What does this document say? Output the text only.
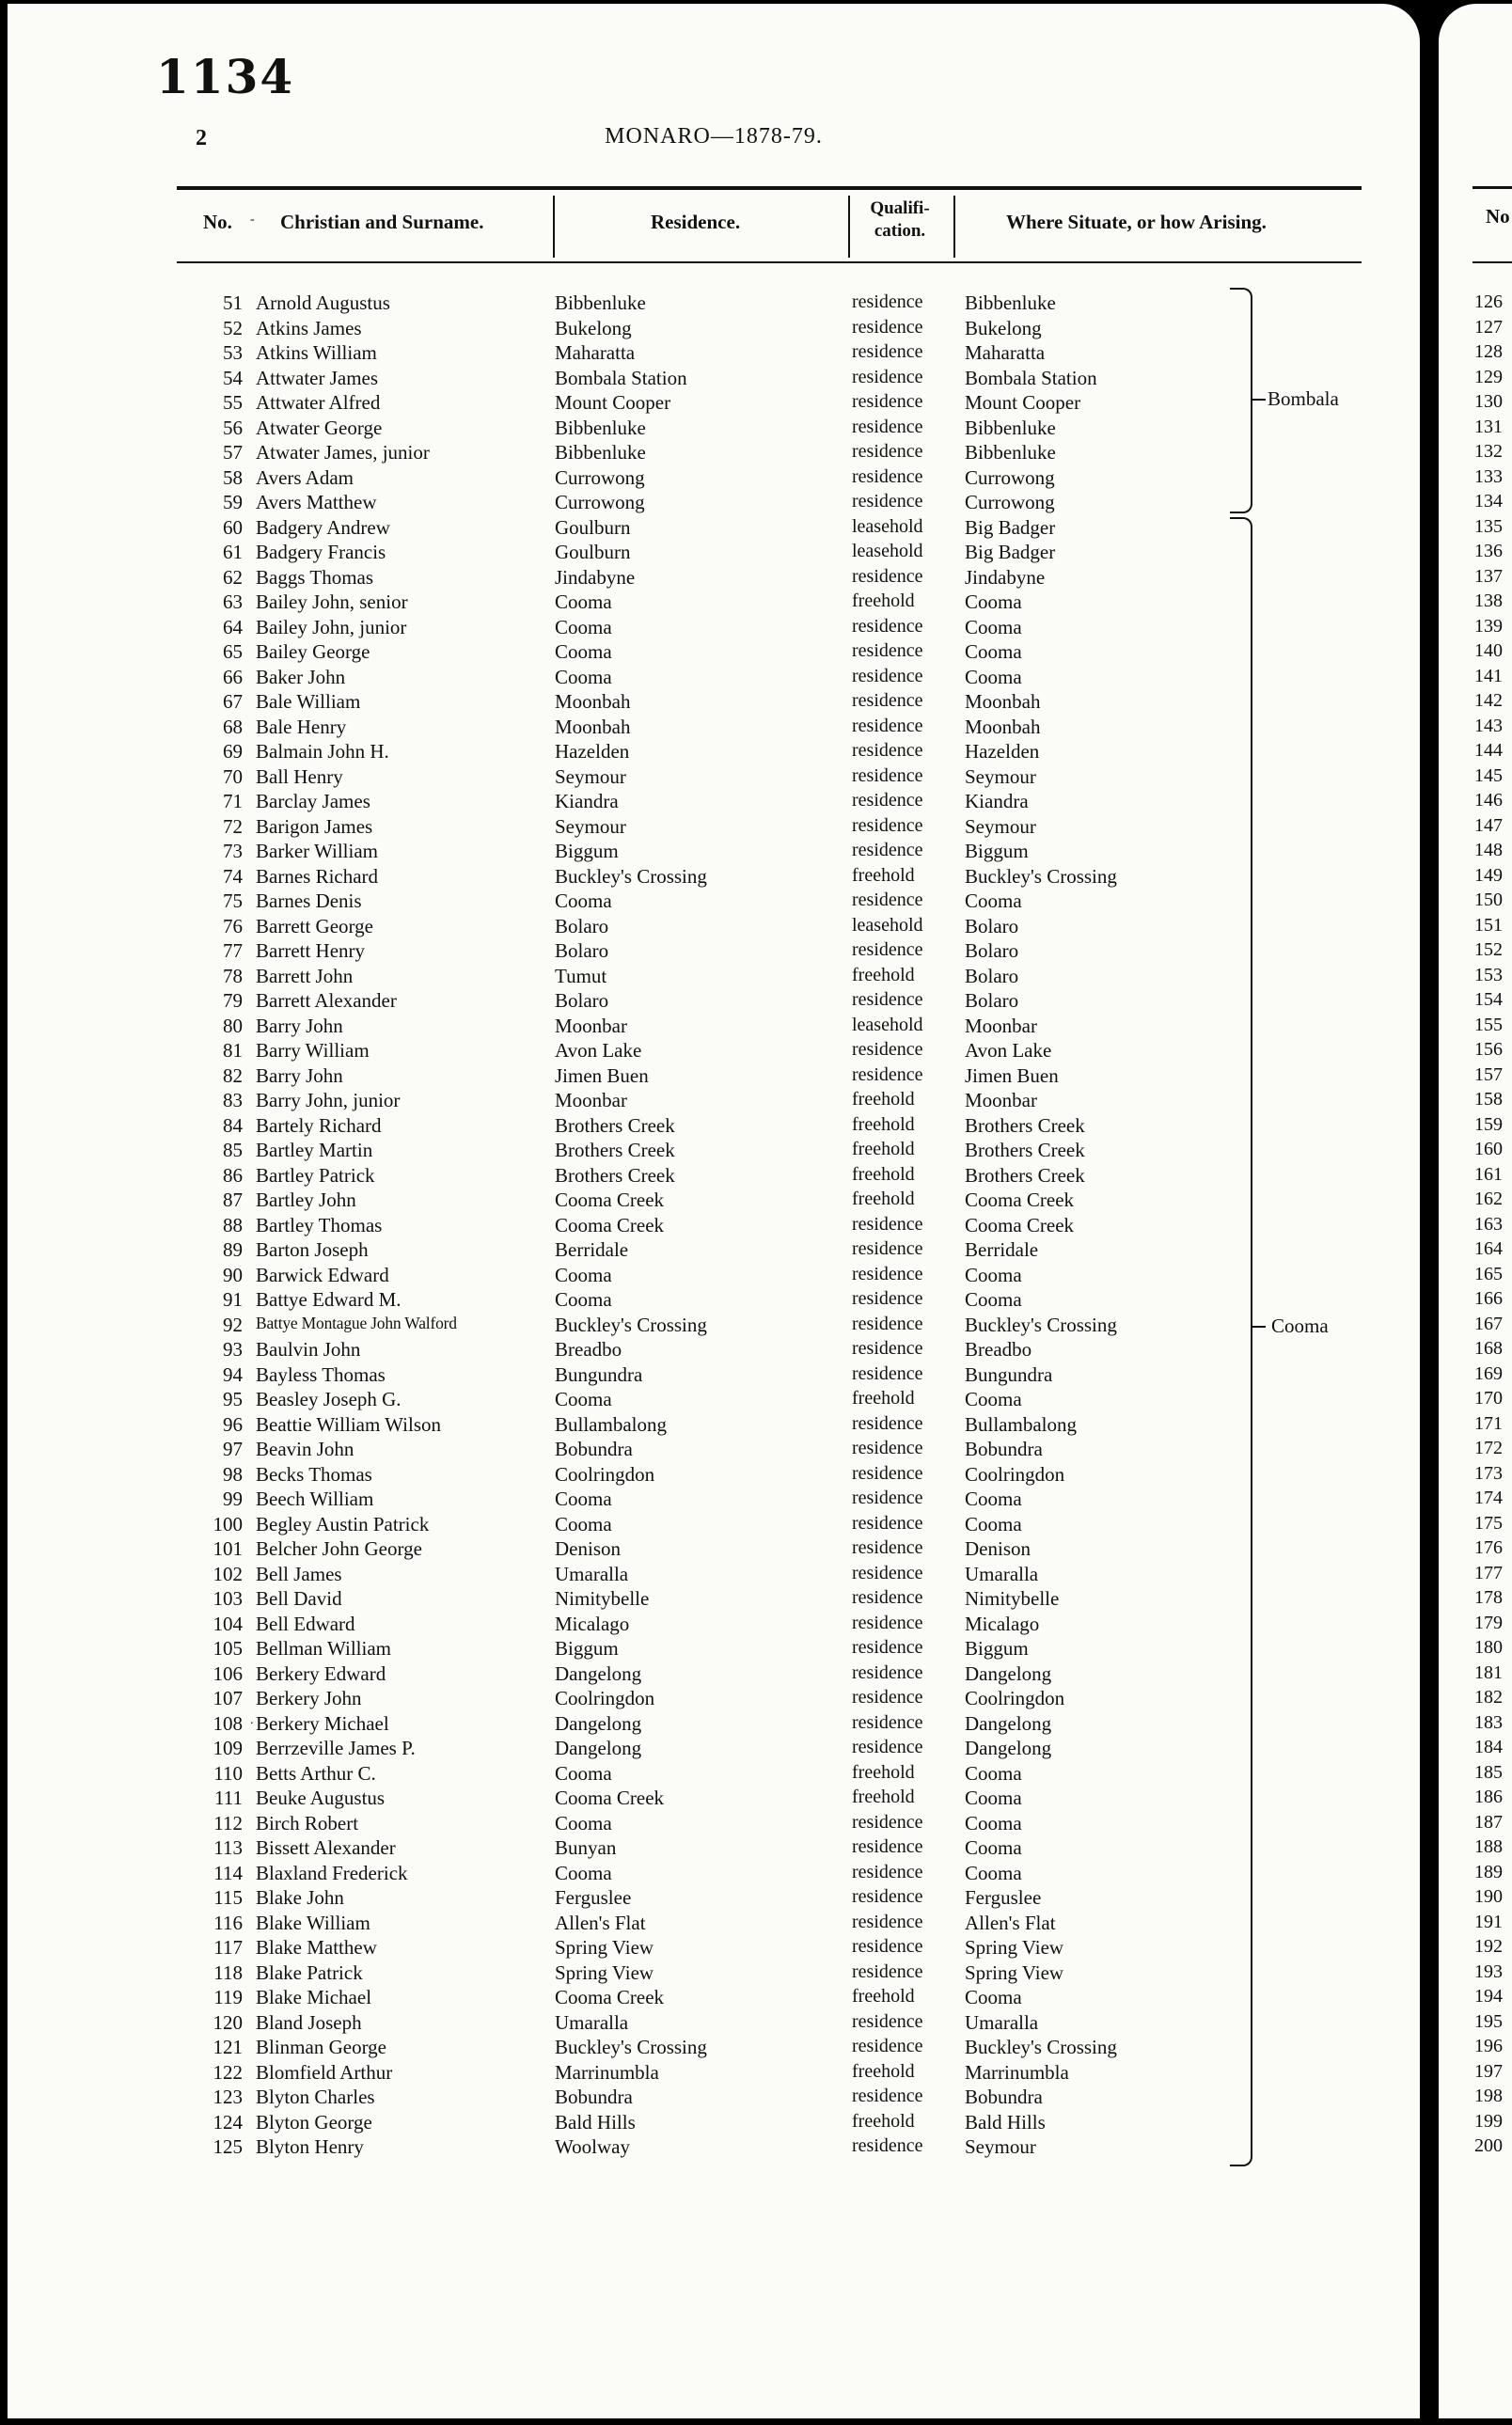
1134
2	MONARO—1878-79.
No. - Christian and Surname.	Residence.
Qualifi-
cation.	Where Situate, or how Arising.
51 Arnold Augustus	Bibbenluke	residence Bibbenluke
52 Atkins James	Bukelong	residence Bukelong
53 Atkins William	Maharatta	residence Maharatta
54 Attwater James	Bombala Station	residence Bombala Station
55 Attwater Alfred	Mount Cooper	residence Mount Cooper
56 Atwater George	Bibbenluke	residence Bibbenluke
57 Atwater James, junior	Bibbenluke	residence Bibbenluke
58 Avers Adam	Currowong	residence Currowong
59 Avers Matthew	Currowong	residence Currowong
60 Badgery Andrew	Goulburn	leasehold Big Badger
61 Badgery Francis	Goulburn	leasehold Big Badger
62 Baggs Thomas	Jindabyne	residence Jindabyne
63 Bailey John, senior	Cooma	freehold	Cooma
64 Bailey John, junior	Cooma	residence Cooma
65 Bailey George	Cooma	residence Cooma
66 Baker John	Cooma	residence Cooma
67 Bale William	Moonbah	residence Moonbah
68 Bale Henry	Moonbah	residence Moonbah
69 Balmain John H.	Hazelden	residence Hazelden
70 Ball Henry	Seymour	residence Seymour
71 Barclay James	Kiandra	residence Kiandra
72 Barigon James	Seymour	residence Seymour
73 Barker William	Biggum	residence Biggum
74 Barnes Richard	Buckley's Crossing	freehold	Buckley's Crossing
75 Barnes Denis	Cooma	residence Cooma
76 Barrett George	Bolaro	leasehold Bolaro
77 Barrett Henry	Bolaro	residence Bolaro
78 Barrett John	Tumut	freehold	Bolaro
79 Barrett Alexander	Bolaro	residence Bolaro
80 Barry John	Moonbar	leasehold Moonbar
81 Barry William	Avon Lake	residence Avon Lake
82 Barry John	Jimen Buen	residence Jimen Buen
83 Barry John, junior	Moonbar	freehold	Moonbar
84 Bartely Richard	Brothers Creek	freehold	Brothers Creek
85 Bartley Martin	Brothers Creek	freehold	Brothers Creek
86 Bartley Patrick	Brothers Creek	freehold	Brothers Creek
87 Bartley John	Cooma Creek	freehold	Cooma Creek
88 Bartley Thomas	Cooma Creek	residence Cooma Creek
89 Barton Joseph	Berridale	residence Berridale
90 Barwick Edward	Cooma	residence Cooma
91 Battye Edward M.	Cooma	residence Cooma
92 Battye Montague John Walford	Buckley's Crossing	residence Buckley's Crossing
93 Baulvin John	Breadbo	residence Breadbo
94 Bayless Thomas	Bungundra	residence Bungundra
95 Beasley Joseph G.	Cooma	freehold	Cooma
96 Beattie William Wilson	Bullambalong	residence Bullambalong
97 Beavin John	Bobundra	residence Bobundra
98 Becks Thomas	Coolringdon	residence Coolringdon
99 Beech William	Cooma	residence Cooma
100 Begley Austin Patrick	Cooma	residence Cooma
101 Belcher John George	Denison	residence Denison
102 Bell James	Umaralla	residence Umaralla
103 Bell David	Nimitybelle	residence Nimitybelle
104 Bell Edward	Micalago	residence Micalago
105 Bellman William	Biggum	residence Biggum
106 Berkery Edward	Dangelong	residence Dangelong
107 Berkery John	Coolringdon	residence Coolringdon
108 Berkery Michael	Dangelong	residence Dangelong
109 Berrzeville James P.	Dangelong	residence Dangelong
110 Betts Arthur C.	Cooma	freehold	Cooma
111 Beuke Augustus	Cooma Creek	freehold	Cooma
112 Birch Robert	Cooma	residence Cooma
113 Bissett Alexander	Bunyan	residence Cooma
114 Blaxland Frederick	Cooma	residence Cooma
115 Blake John	Ferguslee	residence Ferguslee
116 Blake William	Allen's Flat	residence Allen's Flat
117 Blake Matthew	Spring View	residence Spring View
118 Blake Patrick	Spring View	residence Spring View
119 Blake Michael	Cooma Creek	freehold	Cooma
120 Bland Joseph	Umaralla	residence Umaralla
121 Blinman George	Buckley's Crossing	residence Buckley's Crossing
122 Blomfield Arthur	Marrinumbla	freehold	Marrinumbla
123 Blyton Charles	Bobundra	residence Bobundra
124 Blyton George	Bald Hills	freehold	Bald Hills
125 Blyton Henry	Woolway	residence Seymour
Bombala
Cooma
.
No
126
127
128
129
130
131
132
133
134
135
136
137
138
139
140
141
142
143
144
145
146
147
148
149
150
151
152
153
154
155
156
157
158
159
160
161
162
163
164
165
166
167
168
169
170
171
172
173
174
175
176
177
178
179
180
181
182
183
184
185
186
187
188
189
190
191
192
193
194
195
196
197
198
199
200
